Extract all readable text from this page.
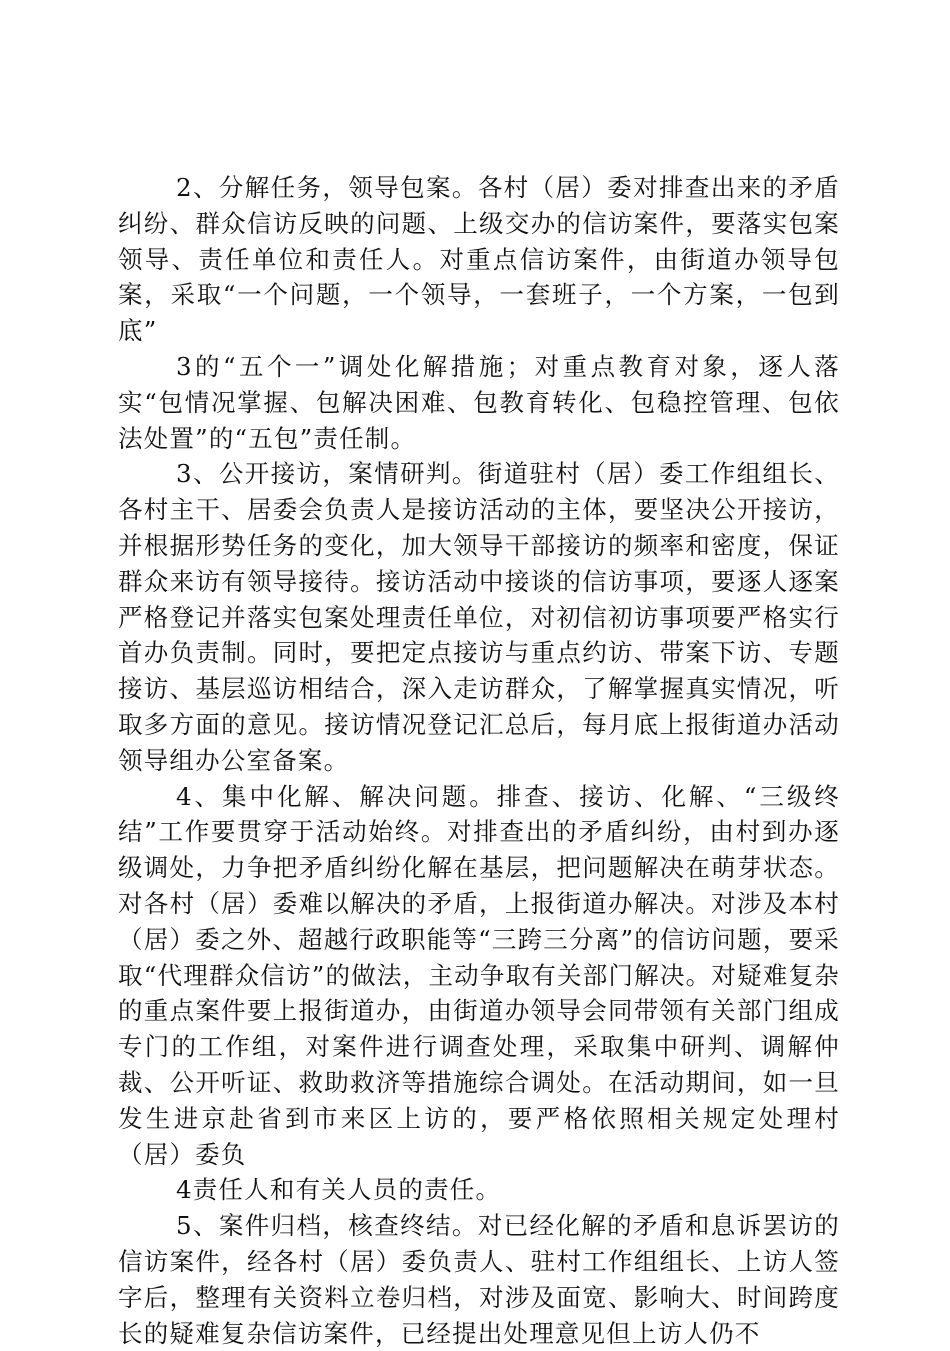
2、分解任务，领导包案。各村（居）委对排查出来的矛盾纠纷、群众信访反映的问题、上级交办的信访案件，要落实包案领导、责任单位和责任人。对重点信访案件，由街道办领导包案，采取“一个问题，一个领导，一套班子，一个方案，一包到底”

3的“五个一”调处化解措施；对重点教育对象，逐人落实“包情况掌握、包解决困难、包教育转化、包稳控管理、包依法处置”的“五包”责任制。

3、公开接访，案情研判。街道驻村（居）委工作组组长、各村主干、居委会负责人是接访活动的主体，要坚决公开接访，并根据形势任务的变化，加大领导干部接访的频率和密度，保证群众来访有领导接待。接访活动中接谈的信访事项，要逐人逐案严格登记并落实包案处理责任单位，对初信初访事项要严格实行首办负责制。同时，要把定点接访与重点约访、带案下访、专题接访、基层巡访相结合，深入走访群众，了解掌握真实情况，听取多方面的意见。接访情况登记汇总后，每月底上报街道办活动领导组办公室备案。

4、集中化解、解决问题。排查、接访、化解、“三级终结”工作要贯穿于活动始终。对排查出的矛盾纠纷，由村到办逐级调处，力争把矛盾纠纷化解在基层，把问题解决在萌芽状态。对各村（居）委难以解决的矛盾，上报街道办解决。对涉及本村（居）委之外、超越行政职能等“三跨三分离”的信访问题，要采取“代理群众信访”的做法，主动争取有关部门解决。对疑难复杂的重点案件要上报街道办，由街道办领导会同带领有关部门组成专门的工作组，对案件进行调查处理，采取集中研判、调解仲裁、公开听证、救助救济等措施综合调处。在活动期间，如一旦发生进京赴省到市来区上访的，要严格依照相关规定处理村（居）委负

4责任人和有关人员的责任。

5、案件归档，核查终结。对已经化解的矛盾和息诉罢访的信访案件，经各村（居）委负责人、驻村工作组组长、上访人签字后，整理有关资料立卷归档，对涉及面宽、影响大、时间跨度长的疑难复杂信访案件，已经提出处理意见但上访人仍不
